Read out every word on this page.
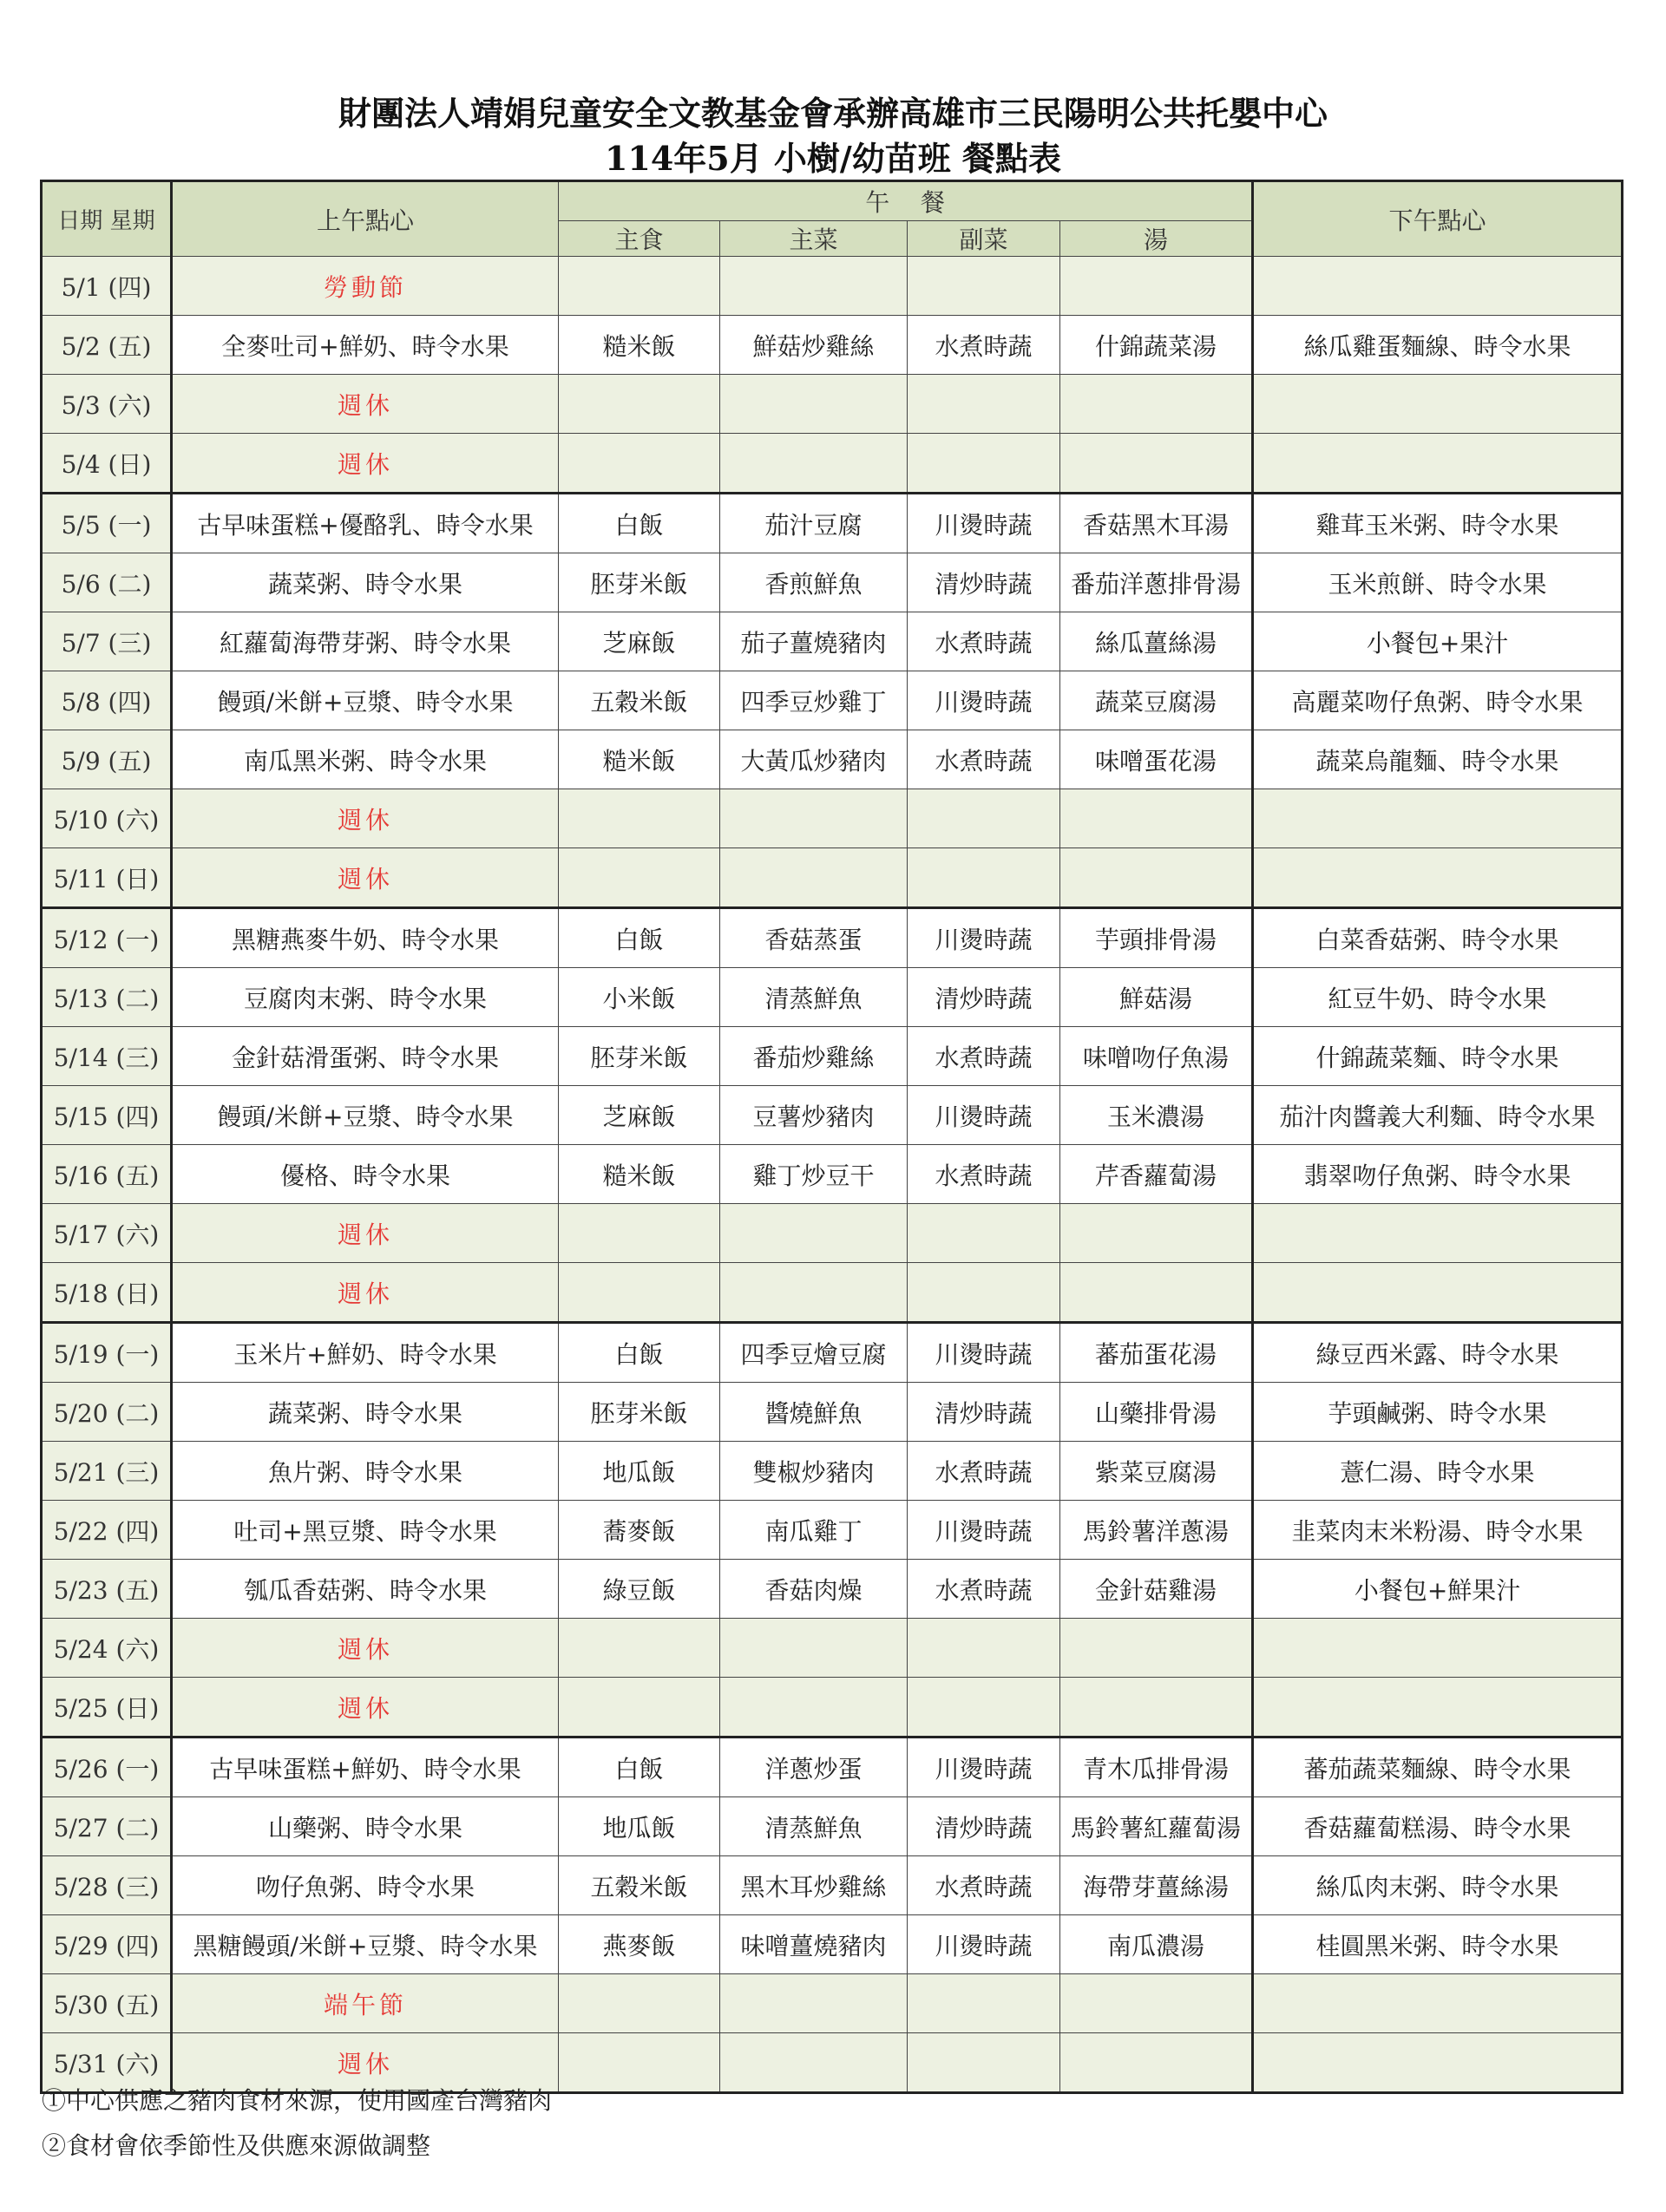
財團法人靖娟兒童安全文教基金會承辦高雄市三民陽明公共托嬰中心
114年5月 小樹/幼苗班 餐點表
日期 星期	上午點心	午    餐				下午點心
		主食	主菜	副菜	湯	
5/1 (四)	勞動節					
5/2 (五)	全麥吐司+鮮奶、時令水果	糙米飯	鮮菇炒雞絲	水煮時蔬	什錦蔬菜湯	絲瓜雞蛋麵線、時令水果
5/3 (六)	週休					
5/4 (日)	週休					
5/5 (一)	古早味蛋糕+優酪乳、時令水果	白飯	茄汁豆腐	川燙時蔬	香菇黑木耳湯	雞茸玉米粥、時令水果
5/6 (二)	蔬菜粥、時令水果	胚芽米飯	香煎鮮魚	清炒時蔬	番茄洋蔥排骨湯	玉米煎餅、時令水果
5/7 (三)	紅蘿蔔海帶芽粥、時令水果	芝麻飯	茄子薑燒豬肉	水煮時蔬	絲瓜薑絲湯	小餐包+果汁
5/8 (四)	饅頭/米餅+豆漿、時令水果	五穀米飯	四季豆炒雞丁	川燙時蔬	蔬菜豆腐湯	高麗菜吻仔魚粥、時令水果
5/9 (五)	南瓜黑米粥、時令水果	糙米飯	大黃瓜炒豬肉	水煮時蔬	味噌蛋花湯	蔬菜烏龍麵、時令水果
5/10 (六)	週休					
5/11 (日)	週休					
5/12 (一)	黑糖燕麥牛奶、時令水果	白飯	香菇蒸蛋	川燙時蔬	芋頭排骨湯	白菜香菇粥、時令水果
5/13 (二)	豆腐肉末粥、時令水果	小米飯	清蒸鮮魚	清炒時蔬	鮮菇湯	紅豆牛奶、時令水果
5/14 (三)	金針菇滑蛋粥、時令水果	胚芽米飯	番茄炒雞絲	水煮時蔬	味噌吻仔魚湯	什錦蔬菜麵、時令水果
5/15 (四)	饅頭/米餅+豆漿、時令水果	芝麻飯	豆薯炒豬肉	川燙時蔬	玉米濃湯	茄汁肉醬義大利麵、時令水果
5/16 (五)	優格、時令水果	糙米飯	雞丁炒豆干	水煮時蔬	芹香蘿蔔湯	翡翠吻仔魚粥、時令水果
5/17 (六)	週休					
5/18 (日)	週休					
5/19 (一)	玉米片+鮮奶、時令水果	白飯	四季豆燴豆腐	川燙時蔬	蕃茄蛋花湯	綠豆西米露、時令水果
5/20 (二)	蔬菜粥、時令水果	胚芽米飯	醬燒鮮魚	清炒時蔬	山藥排骨湯	芋頭鹹粥、時令水果
5/21 (三)	魚片粥、時令水果	地瓜飯	雙椒炒豬肉	水煮時蔬	紫菜豆腐湯	薏仁湯、時令水果
5/22 (四)	吐司+黑豆漿、時令水果	蕎麥飯	南瓜雞丁	川燙時蔬	馬鈴薯洋蔥湯	韭菜肉末米粉湯、時令水果
5/23 (五)	瓠瓜香菇粥、時令水果	綠豆飯	香菇肉燥	水煮時蔬	金針菇雞湯	小餐包+鮮果汁
5/24 (六)	週休					
5/25 (日)	週休					
5/26 (一)	古早味蛋糕+鮮奶、時令水果	白飯	洋蔥炒蛋	川燙時蔬	青木瓜排骨湯	蕃茄蔬菜麵線、時令水果
5/27 (二)	山藥粥、時令水果	地瓜飯	清蒸鮮魚	清炒時蔬	馬鈴薯紅蘿蔔湯	香菇蘿蔔糕湯、時令水果
5/28 (三)	吻仔魚粥、時令水果	五穀米飯	黑木耳炒雞絲	水煮時蔬	海帶芽薑絲湯	絲瓜肉末粥、時令水果
5/29 (四)	黑糖饅頭/米餅+豆漿、時令水果	燕麥飯	味噌薑燒豬肉	川燙時蔬	南瓜濃湯	桂圓黑米粥、時令水果
5/30 (五)	端午節					
5/31 (六)	週休					
①中心供應之豬肉食材來源，使用國產台灣豬肉
②食材會依季節性及供應來源做調整
